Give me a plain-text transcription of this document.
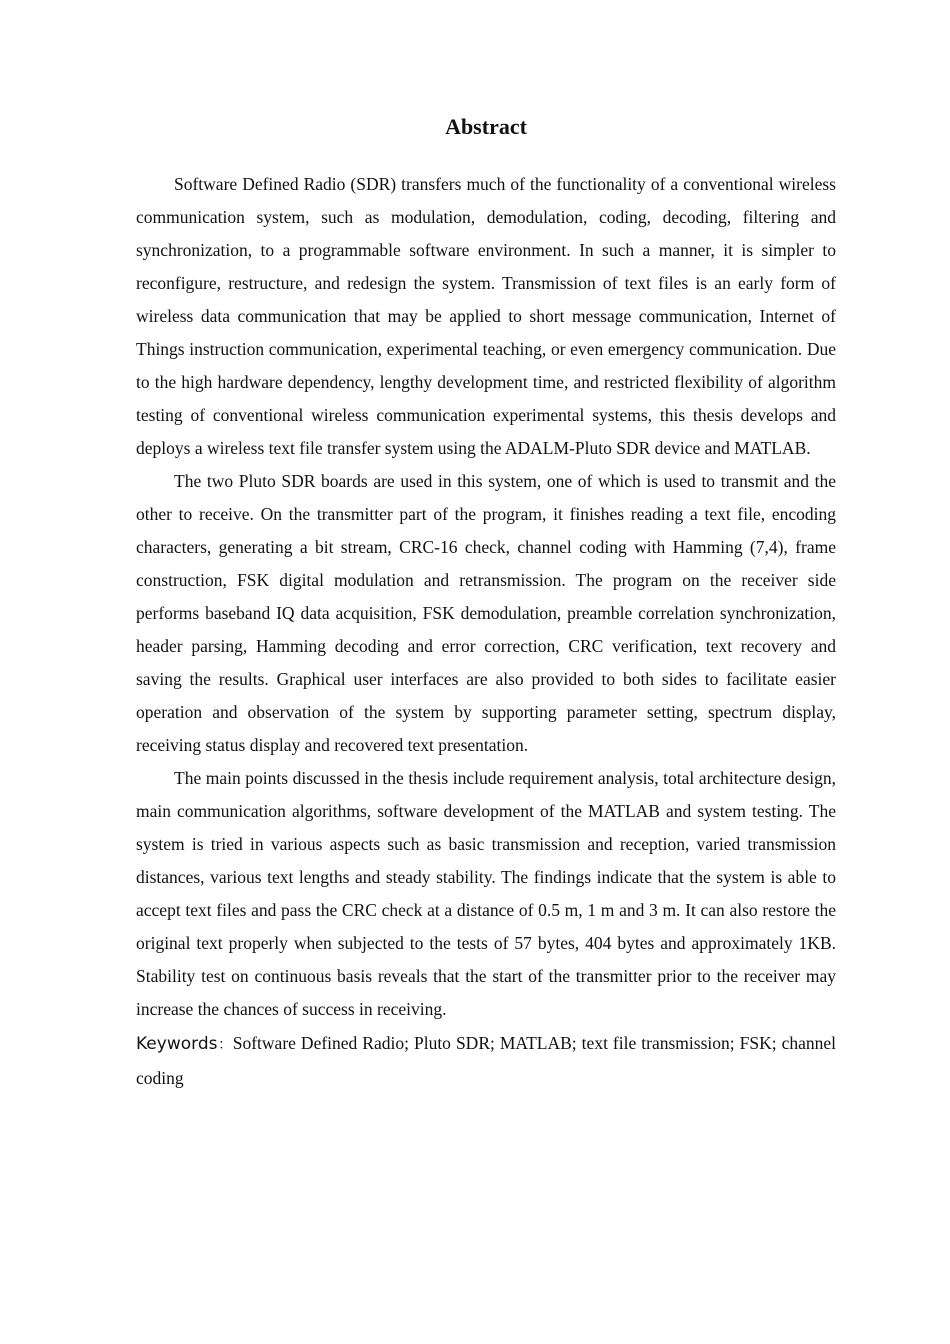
Abstract

Software Defined Radio (SDR) transfers much of the functionality of a conventional wireless communication system, such as modulation, demodulation, coding, decoding, filtering and synchronization, to a programmable software environment. In such a manner, it is simpler to reconfigure, restructure, and redesign the system. Transmission of text files is an early form of wireless data communication that may be applied to short message communication, Internet of Things instruction communication, experimental teaching, or even emergency communication. Due to the high hardware dependency, lengthy development time, and restricted flexibility of algorithm testing of conventional wireless communication experimental systems, this thesis develops and deploys a wireless text file transfer system using the ADALM-Pluto SDR device and MATLAB.

The two Pluto SDR boards are used in this system, one of which is used to transmit and the other to receive. On the transmitter part of the program, it finishes reading a text file, encoding characters, generating a bit stream, CRC-16 check, channel coding with Hamming (7,4), frame construction, FSK digital modulation and retransmission. The program on the receiver side performs baseband IQ data acquisition, FSK demodulation, preamble correlation synchronization, header parsing, Hamming decoding and error correction, CRC verification, text recovery and saving the results. Graphical user interfaces are also provided to both sides to facilitate easier operation and observation of the system by supporting parameter setting, spectrum display, receiving status display and recovered text presentation.

The main points discussed in the thesis include requirement analysis, total architecture design, main communication algorithms, software development of the MATLAB and system testing. The system is tried in various aspects such as basic transmission and reception, varied transmission distances, various text lengths and steady stability. The findings indicate that the system is able to accept text files and pass the CRC check at a distance of 0.5 m, 1 m and 3 m. It can also restore the original text properly when subjected to the tests of 57 bytes, 404 bytes and approximately 1KB. Stability test on continuous basis reveals that the start of the transmitter prior to the receiver may increase the chances of success in receiving.

Keywords：Software Defined Radio; Pluto SDR; MATLAB; text file transmission; FSK; channel coding
